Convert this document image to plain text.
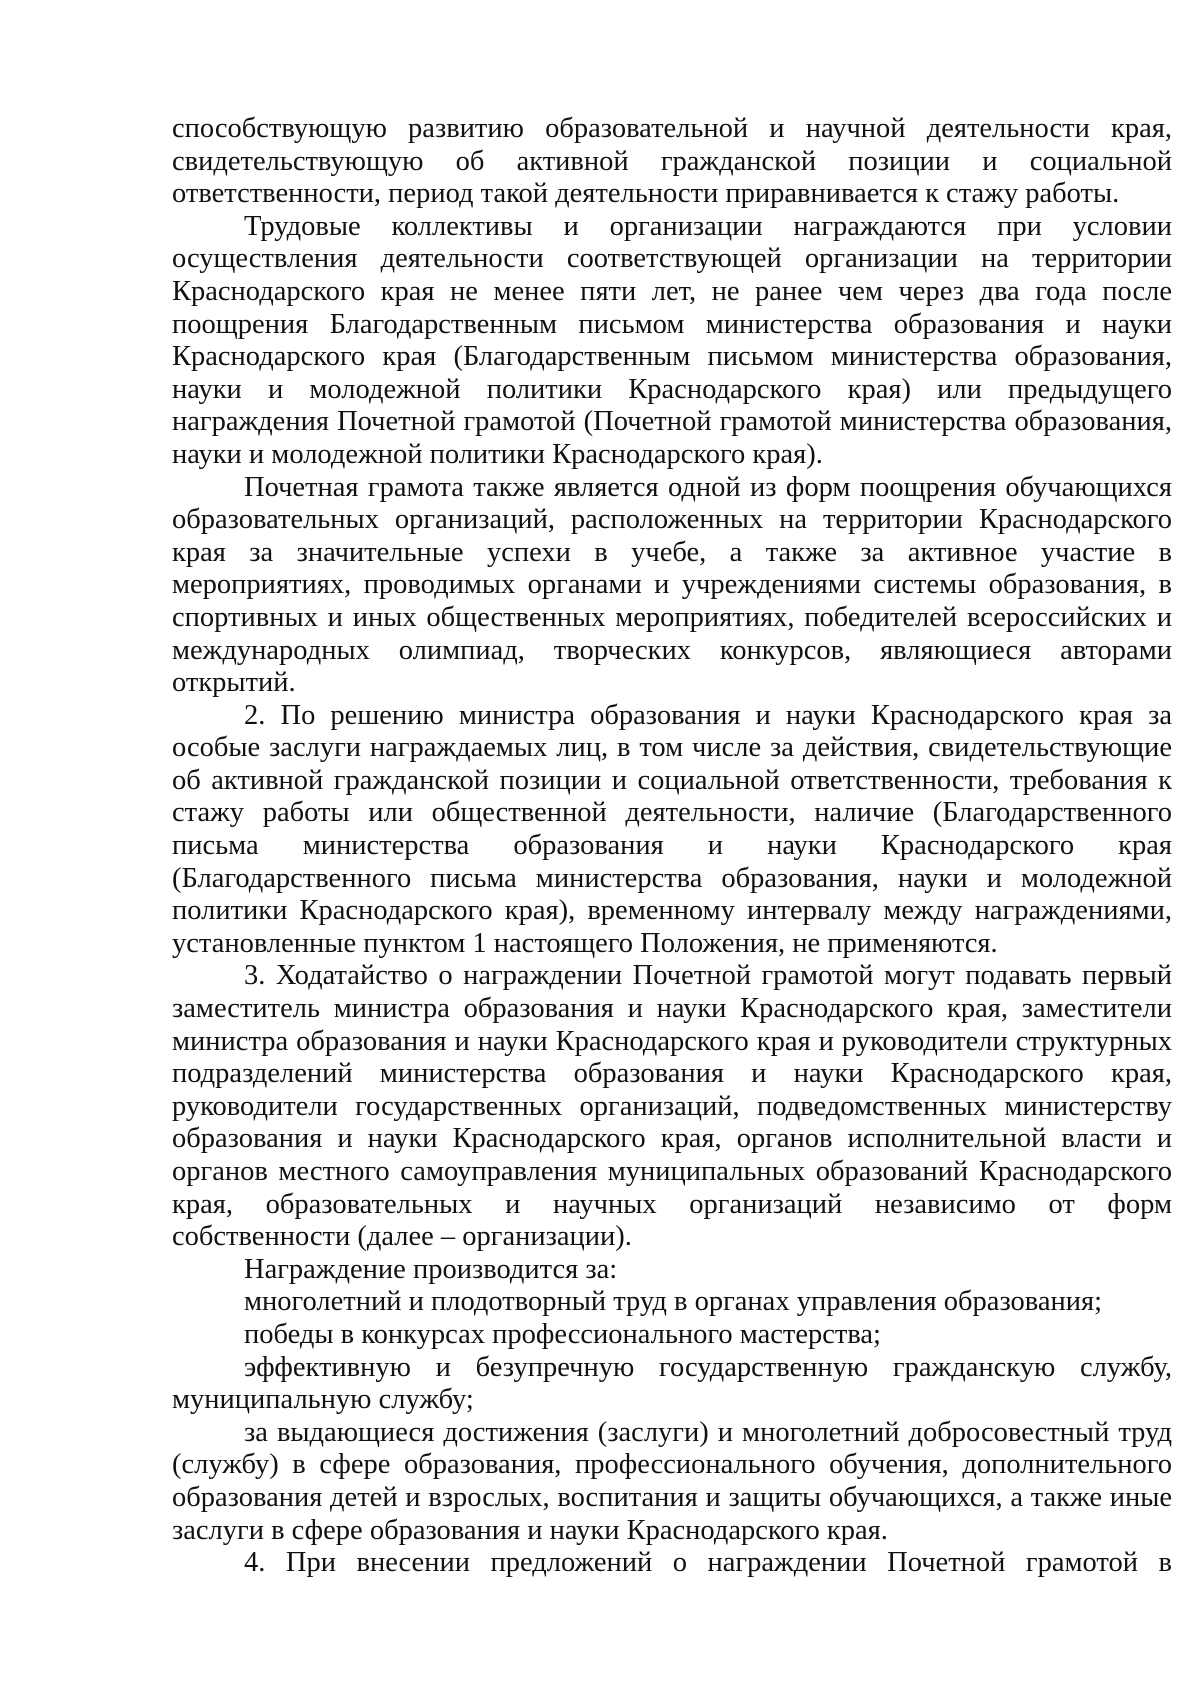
способствующую развитию образовательной и научной деятельности края, свидетельствующую об активной гражданской позиции и социальной ответственности, период такой деятельности приравнивается к стажу работы.

Трудовые коллективы и организации награждаются при условии осуществления деятельности соответствующей организации на территории Краснодарского края не менее пяти лет, не ранее чем через два года после поощрения Благодарственным письмом министерства образования и науки Краснодарского края (Благодарственным письмом министерства образования, науки и молодежной политики Краснодарского края) или предыдущего награждения Почетной грамотой (Почетной грамотой министерства образования, науки и молодежной политики Краснодарского края).

Почетная грамота также является одной из форм поощрения обучающихся образовательных организаций, расположенных на территории Краснодарского края за значительные успехи в учебе, а также за активное участие в мероприятиях, проводимых органами и учреждениями системы образования, в спортивных и иных общественных мероприятиях, победителей всероссийских и международных олимпиад, творческих конкурсов, являющиеся авторами открытий.

2. По решению министра образования и науки Краснодарского края за особые заслуги награждаемых лиц, в том числе за действия, свидетельствующие об активной гражданской позиции и социальной ответственности, требования к стажу работы или общественной деятельности, наличие (Благодарственного письма министерства образования и науки Краснодарского края (Благодарственного письма министерства образования, науки и молодежной политики Краснодарского края), временному интервалу между награждениями, установленные пунктом 1 настоящего Положения, не применяются.

3. Ходатайство о награждении Почетной грамотой могут подавать первый заместитель министра образования и науки Краснодарского края, заместители министра образования и науки Краснодарского края и руководители структурных подразделений министерства образования и науки Краснодарского края, руководители государственных организаций, подведомственных министерству образования и науки Краснодарского края, органов исполнительной власти и органов местного самоуправления муниципальных образований Краснодарского края, образовательных и научных организаций независимо от форм собственности (далее – организации).

Награждение производится за:

многолетний и плодотворный труд в органах управления образования;

победы в конкурсах профессионального мастерства;

эффективную и безупречную государственную гражданскую службу, муниципальную службу;

за выдающиеся достижения (заслуги) и многолетний добросовестный труд (службу) в сфере образования, профессионального обучения, дополнительного образования детей и взрослых, воспитания и защиты обучающихся, а также иные заслуги в сфере образования и науки Краснодарского края.

4. При внесении предложений о награждении Почетной грамотой в
